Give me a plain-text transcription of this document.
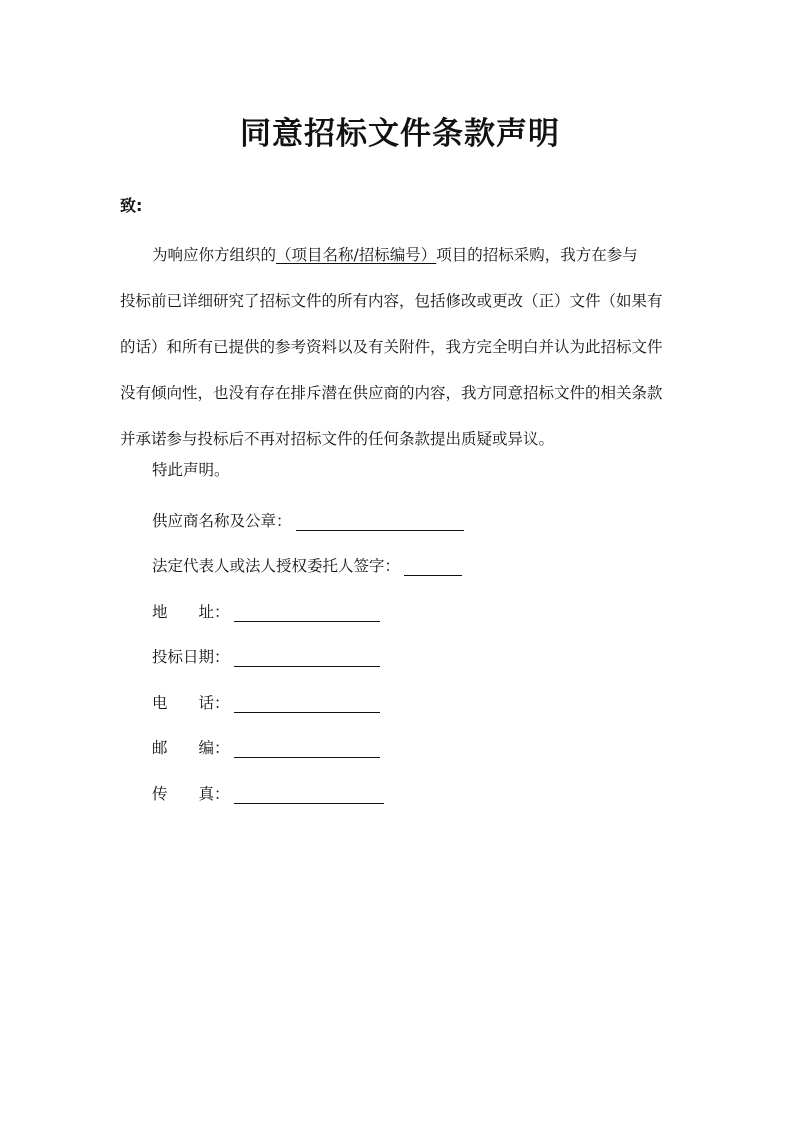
同意招标文件条款声明
致:
为响应你方组织的（项目名称/招标编号）项目的招标采购，我方在参与
投标前已详细研究了招标文件的所有内容，包括修改或更改（正）文件（如果有
的话）和所有已提供的参考资料以及有关附件，我方完全明白并认为此招标文件
没有倾向性，也没有存在排斥潜在供应商的内容，我方同意招标文件的相关条款
并承诺参与投标后不再对招标文件的任何条款提出质疑或异议。
特此声明。
供应商名称及公章：
法定代表人或法人授权委托人签字：
地 址：
投标日期：
电 话：
邮 编：
传 真：
